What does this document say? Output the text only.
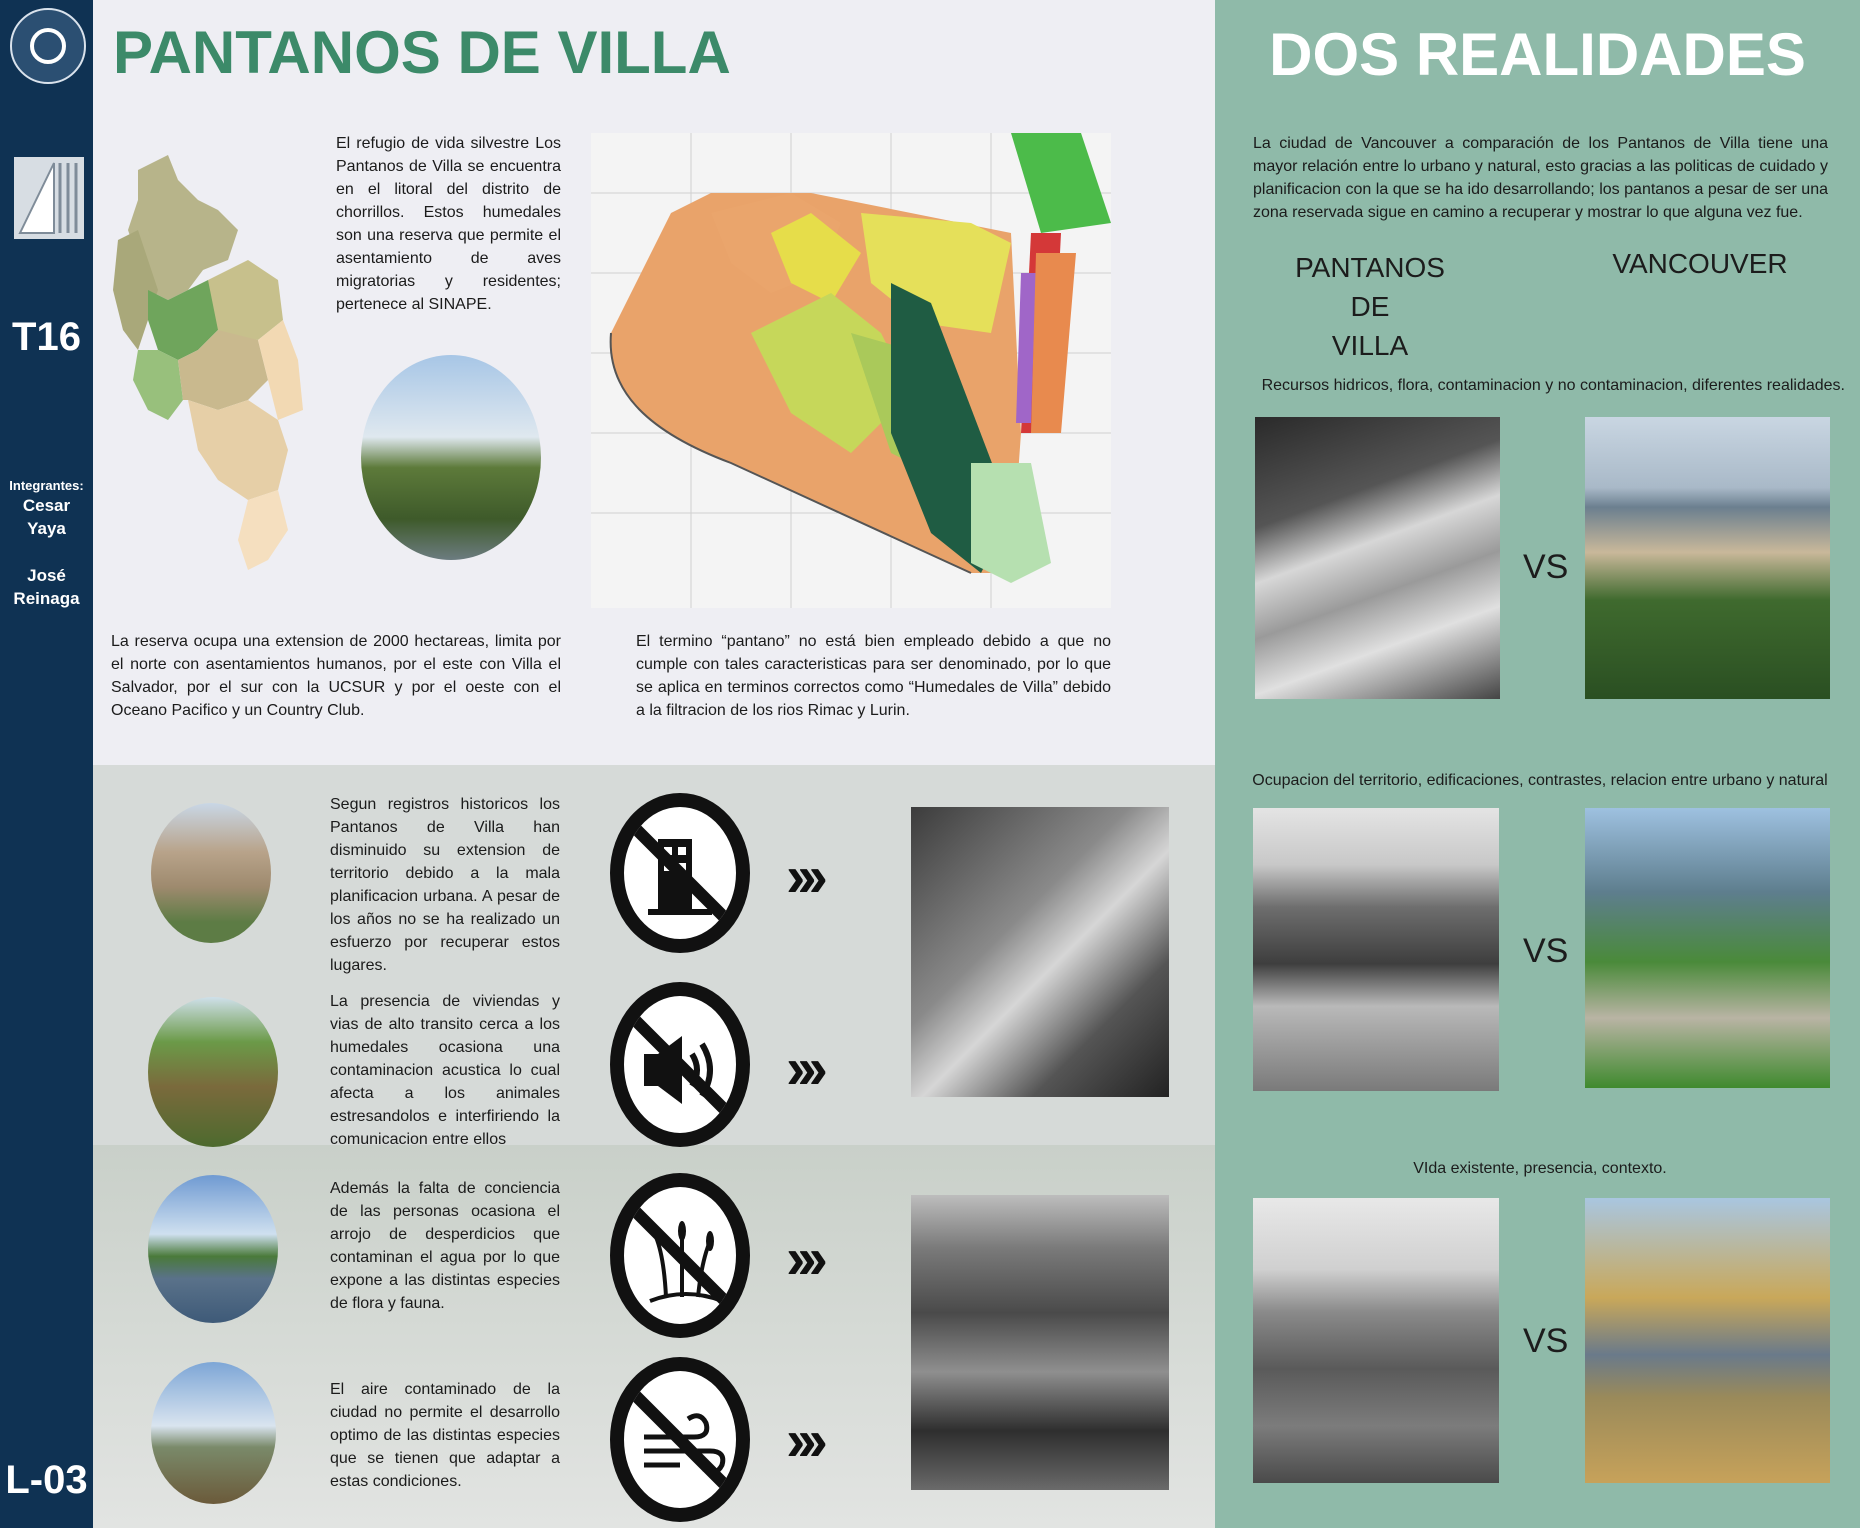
T16
Integrantes:
Cesar
Yaya
José
Reinaga
L-03
PANTANOS DE VILLA

El refugio de vida silvestre Los Pantanos de Villa se encuentra en el litoral del distrito de chorrillos. Estos humedales son una reserva que permite el asentamiento de aves migratorias y residentes; pertenece al SINAPE.

La reserva ocupa una extension de 2000 hectareas, limita por el norte con asentamientos humanos, por el este con Villa el Salvador, por el sur con la UCSUR y por el oeste con el Oceano Pacifico y un Country Club.

El termino “pantano” no está bien empleado debido a que no cumple con tales caracteristicas para ser denominado, por lo que se aplica en terminos correctos como “Humedales de Villa” debido a la filtracion de los rios Rimac y Lurin.

Segun registros historicos los Pantanos de Villa han disminuido su extension de territorio debido a la mala planificacion urbana. A pesar de los años no se ha realizado un esfuerzo por recuperar estos lugares.

›››

La presencia de viviendas y vias de alto transito cerca a los humedales ocasiona una contaminacion acustica lo cual afecta a los animales estresandolos e interfiriendo la comunicacion entre ellos

›››

Además la falta de conciencia de las personas ocasiona el arrojo de desperdicios que contaminan el agua por lo que expone a las distintas especies de flora y fauna.

›››

El aire contaminado de la ciudad no permite el desarrollo optimo de las distintas especies que se tienen que adaptar a estas condiciones.

›››
DOS REALIDADES

La ciudad de Vancouver a comparación de los Pantanos de Villa tiene una mayor relación entre lo urbano y natural, esto gracias a las politicas de cuidado y planificacion con la que se ha ido desarrollando; los pantanos a pesar de ser una zona reservada sigue en camino a recuperar y mostrar lo que alguna vez fue.

PANTANOS DE
VILLA
VANCOUVER
Recursos hidricos, flora, contaminacion y no contaminacion, diferentes realidades.
VS
Ocupacion del territorio, edificaciones, contrastes, relacion entre urbano y natural
VS
VIda existente, presencia, contexto.
VS
